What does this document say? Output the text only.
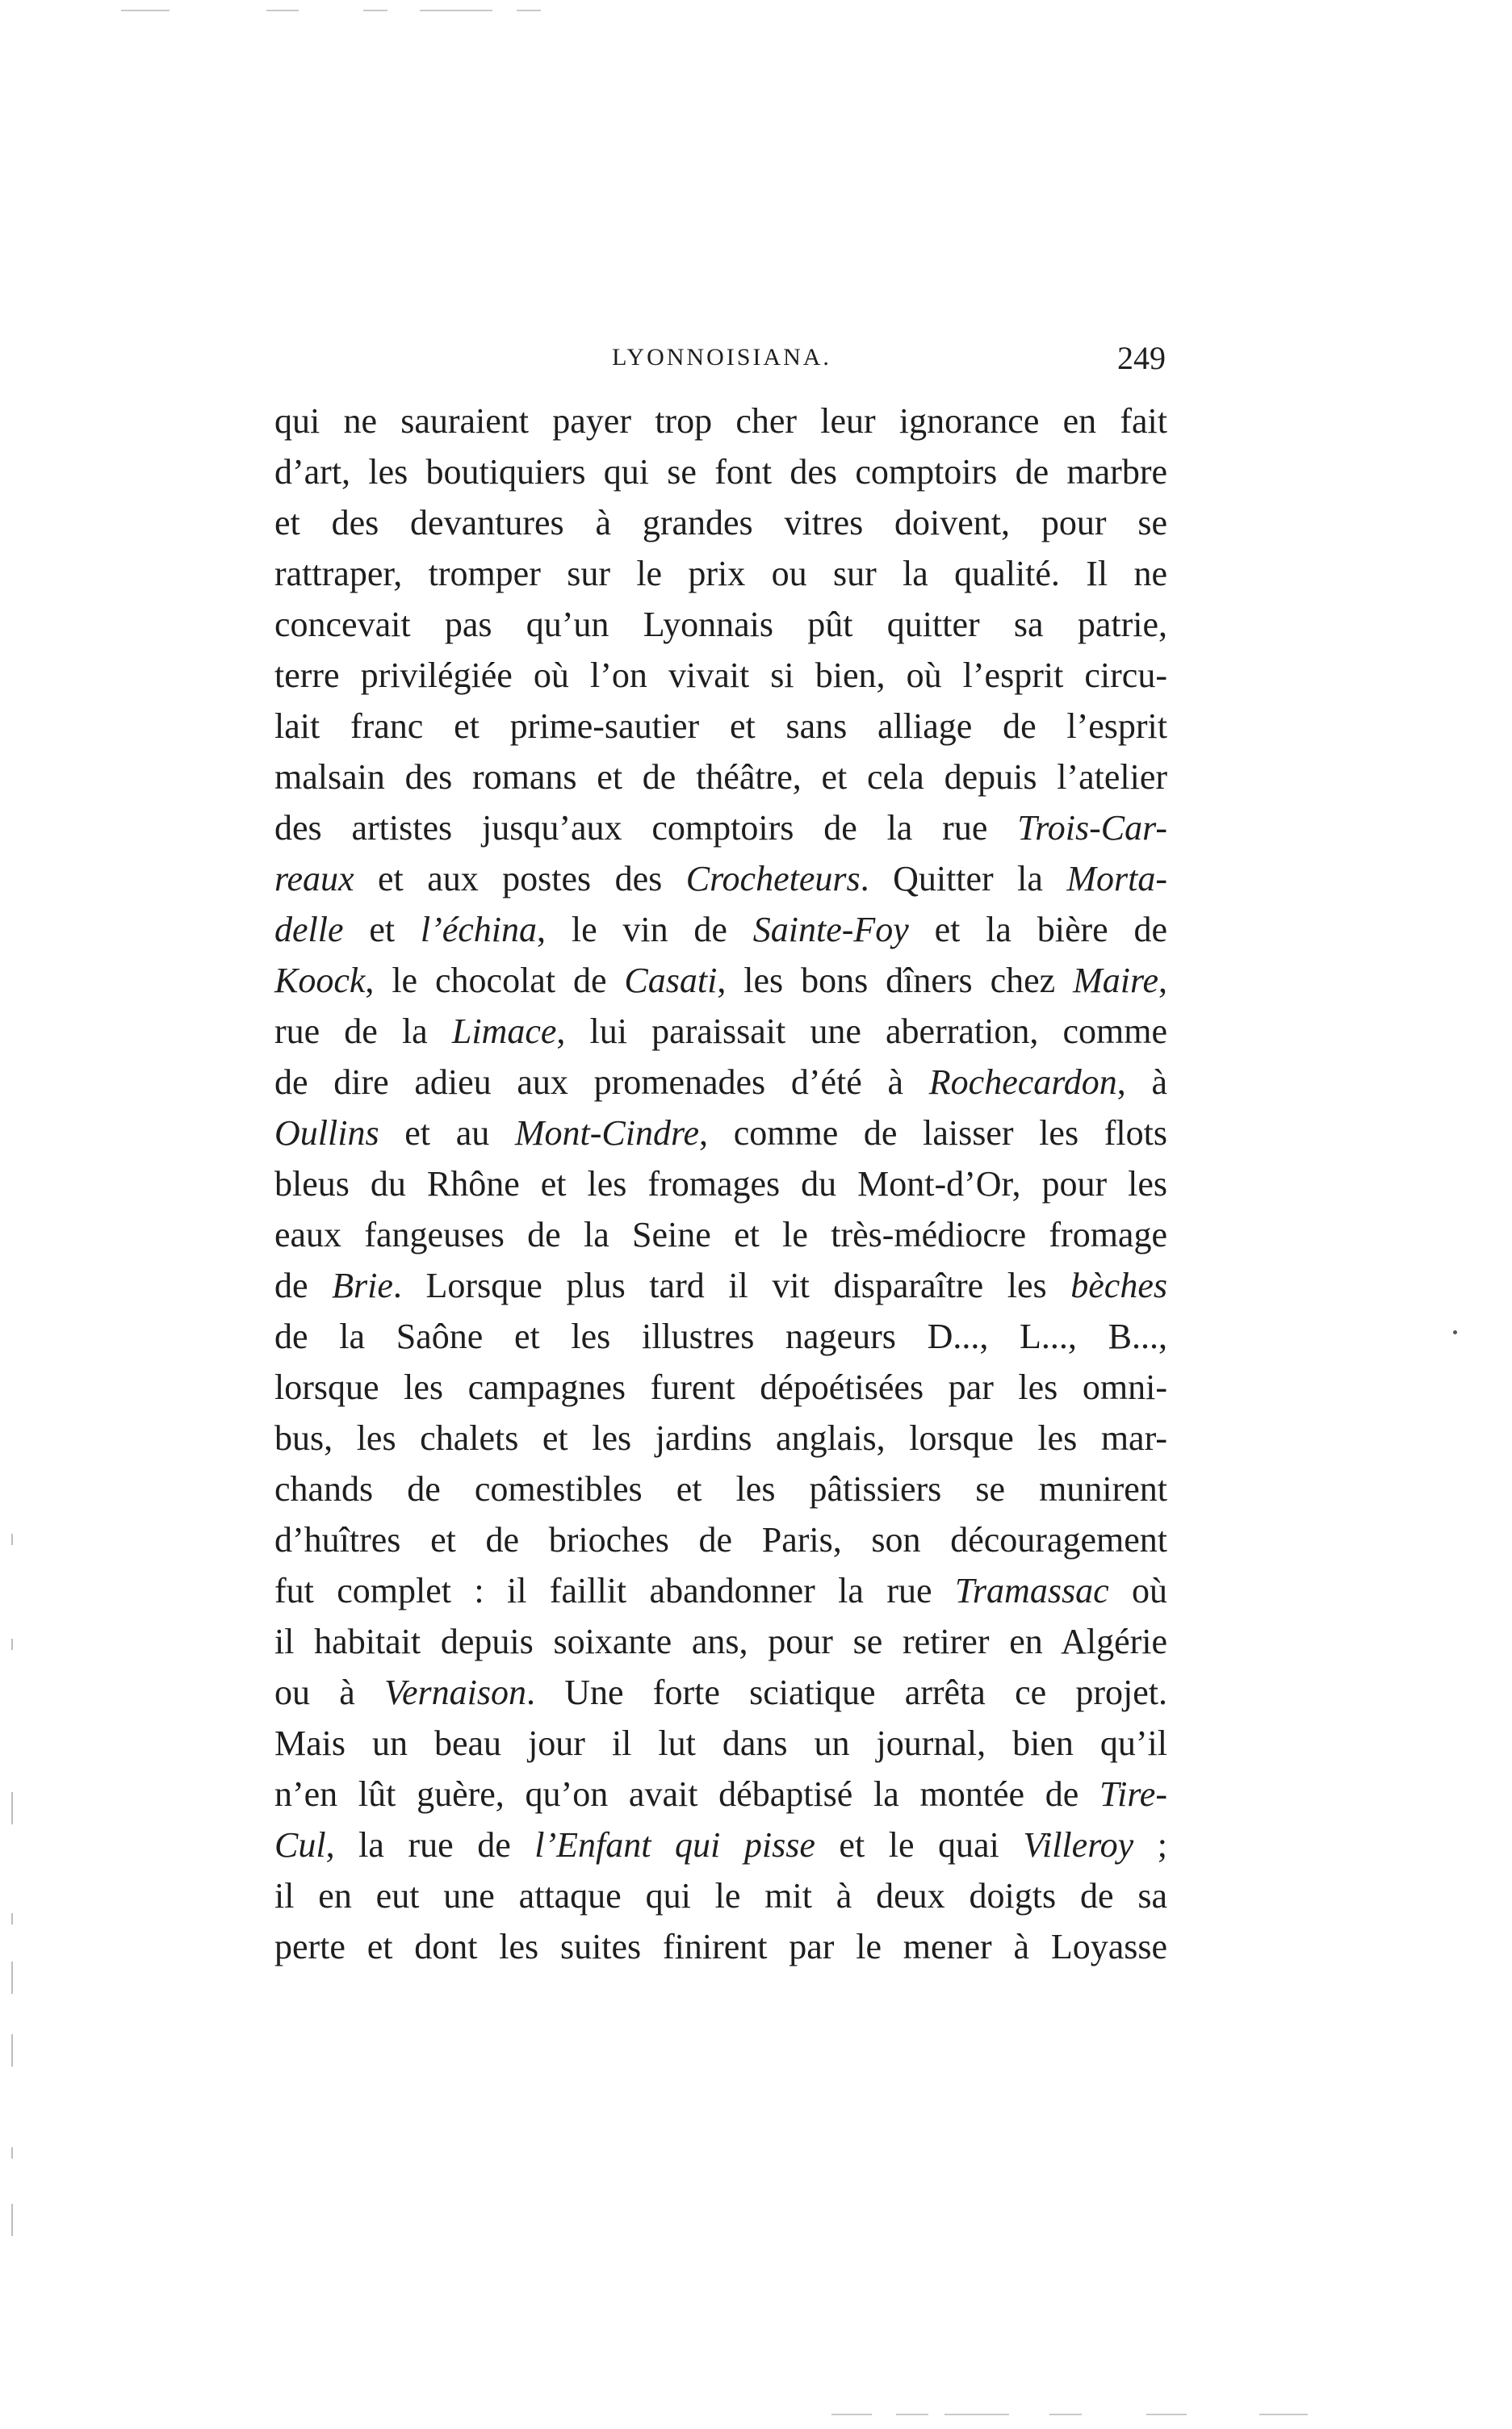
LYONNOISIANA.	249
qui ne sauraient payer trop cher leur ignorance en fait
d’art, les boutiquiers qui se font des comptoirs de marbre
et des devantures à grandes vitres doivent, pour se
rattraper, tromper sur le prix ou sur la qualité. Il ne
concevait pas qu’un Lyonnais pût quitter sa patrie,
terre privilégiée où l’on vivait si bien, où l’esprit circu-
lait franc et prime-sautier et sans alliage de l’esprit
malsain des romans et de théâtre, et cela depuis l’atelier
des artistes jusqu’aux comptoirs de la rue Trois-Car-
reaux et aux postes des Crocheteurs. Quitter la Morta-
delle et l’échina, le vin de Sainte-Foy et la bière de
Koock, le chocolat de Casati, les bons dîners chez Maire,
rue de la Limace, lui paraissait une aberration, comme
de dire adieu aux promenades d’été à Rochecardon, à
Oullins et au Mont-Cindre, comme de laisser les flots
bleus du Rhône et les fromages du Mont-d’Or, pour les
eaux fangeuses de la Seine et le très-médiocre fromage
de Brie. Lorsque plus tard il vit disparaître les bèches
de la Saône et les illustres nageurs D..., L..., B...,
lorsque les campagnes furent dépoétisées par les omni-
bus, les chalets et les jardins anglais, lorsque les mar-
chands de comestibles et les pâtissiers se munirent
d’huîtres et de brioches de Paris, son découragement
fut complet : il faillit abandonner la rue Tramassac où
il habitait depuis soixante ans, pour se retirer en Algérie
ou à Vernaison. Une forte sciatique arrêta ce projet.
Mais un beau jour il lut dans un journal, bien qu’il
n’en lût guère, qu’on avait débaptisé la montée de Tire-
Cul, la rue de l’Enfant qui pisse et le quai Villeroy ;
il en eut une attaque qui le mit à deux doigts de sa
perte et dont les suites finirent par le mener à Loyasse
